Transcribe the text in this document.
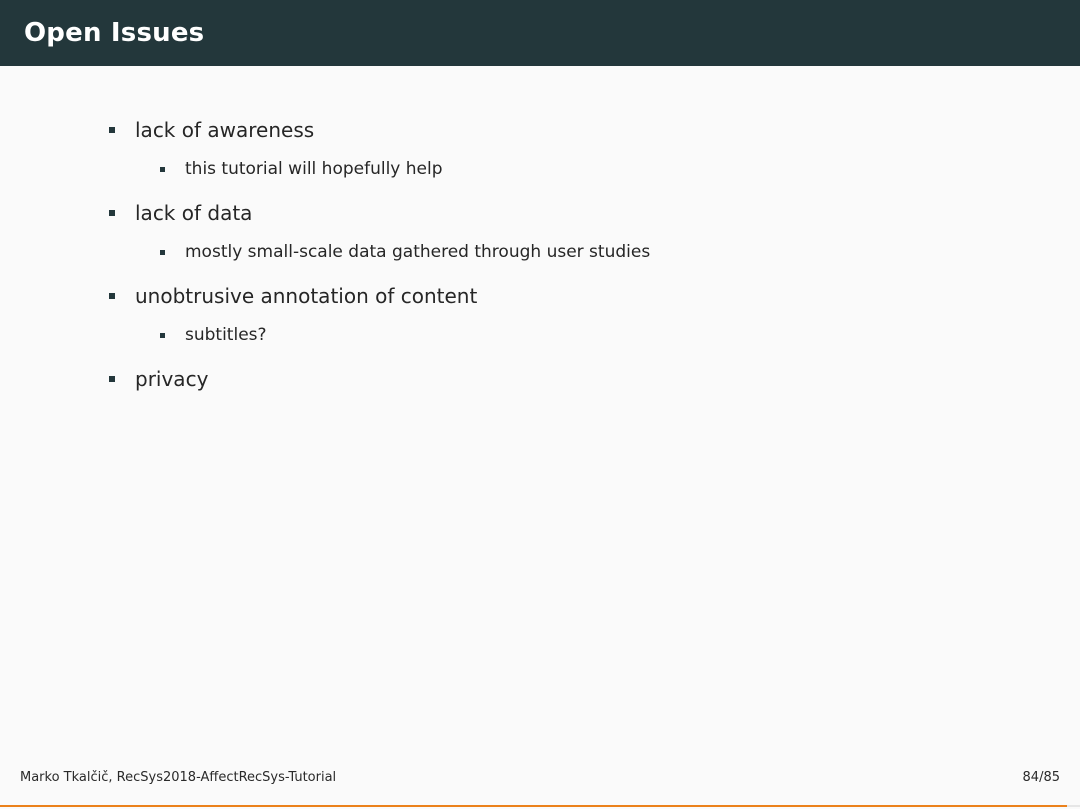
Open Issues
lack of awareness
this tutorial will hopefully help
lack of data
mostly small-scale data gathered through user studies
unobtrusive annotation of content
subtitles?
privacy
Marko Tkalčič, RecSys2018-AffectRecSys-Tutorial	84/85
